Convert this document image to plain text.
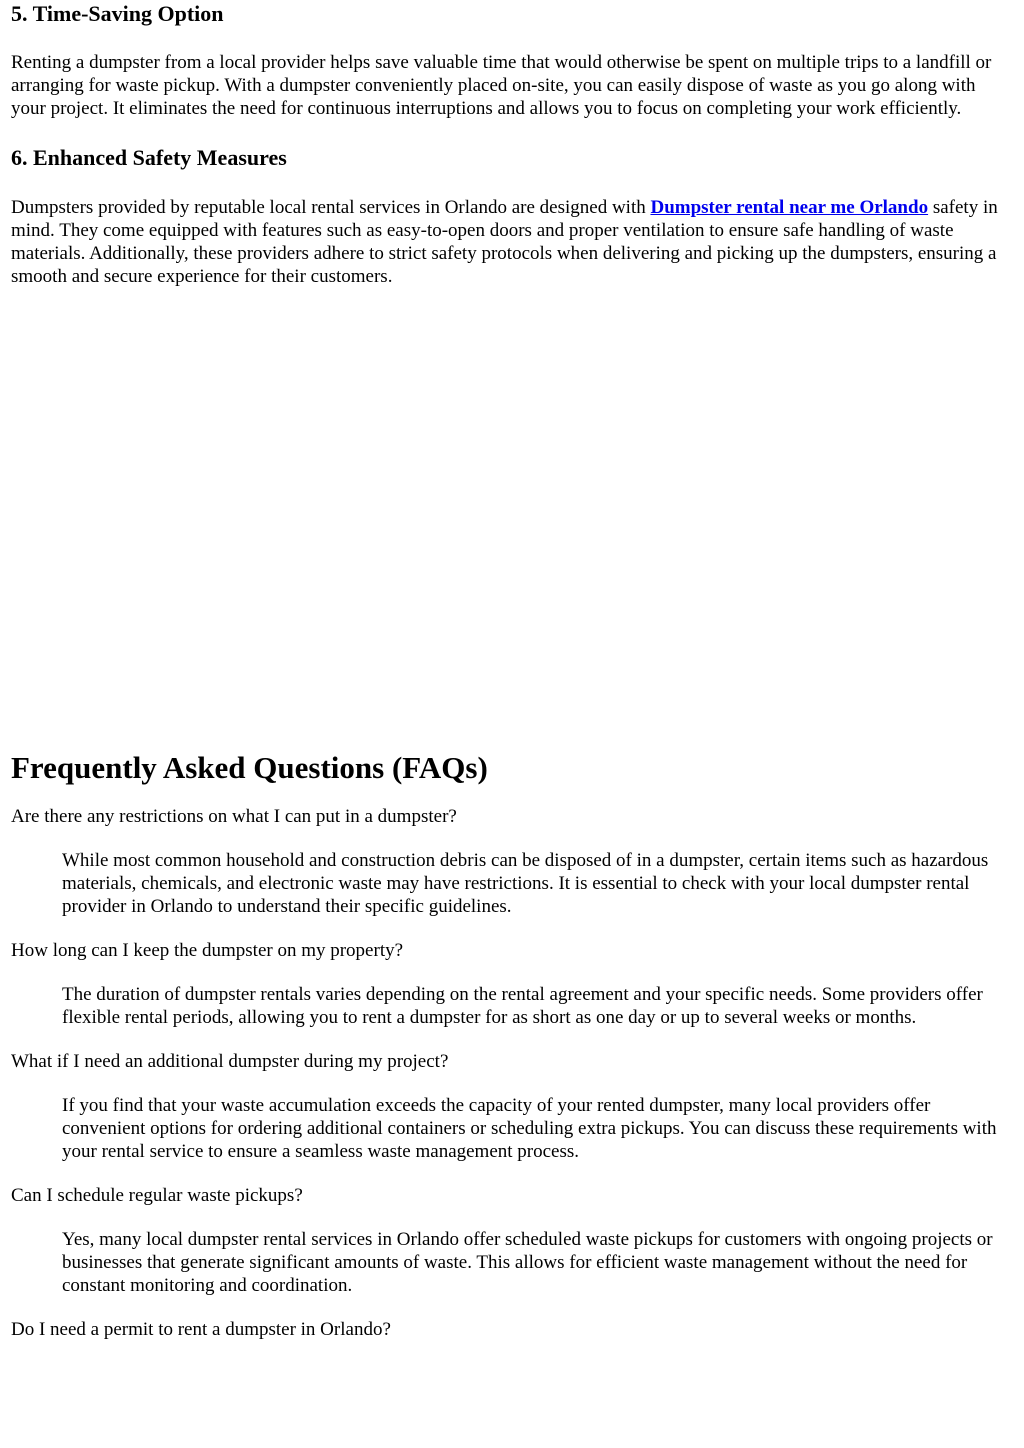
5. Time-Saving Option

Renting a dumpster from a local provider helps save valuable time that would otherwise be spent on multiple trips to a landfill or arranging for waste pickup. With a dumpster conveniently placed on-site, you can easily dispose of waste as you go along with your project. It eliminates the need for continuous interruptions and allows you to focus on completing your work efficiently.

6. Enhanced Safety Measures

Dumpsters provided by reputable local rental services in Orlando are designed with Dumpster rental near me Orlando safety in mind. They come equipped with features such as easy-to-open doors and proper ventilation to ensure safe handling of waste materials. Additionally, these providers adhere to strict safety protocols when delivering and picking up the dumpsters, ensuring a smooth and secure experience for their customers.

Frequently Asked Questions (FAQs)

Are there any restrictions on what I can put in a dumpster?

While most common household and construction debris can be disposed of in a dumpster, certain items such as hazardous materials, chemicals, and electronic waste may have restrictions. It is essential to check with your local dumpster rental provider in Orlando to understand their specific guidelines.

How long can I keep the dumpster on my property?

The duration of dumpster rentals varies depending on the rental agreement and your specific needs. Some providers offer flexible rental periods, allowing you to rent a dumpster for as short as one day or up to several weeks or months.

What if I need an additional dumpster during my project?

If you find that your waste accumulation exceeds the capacity of your rented dumpster, many local providers offer convenient options for ordering additional containers or scheduling extra pickups. You can discuss these requirements with your rental service to ensure a seamless waste management process.

Can I schedule regular waste pickups?

Yes, many local dumpster rental services in Orlando offer scheduled waste pickups for customers with ongoing projects or businesses that generate significant amounts of waste. This allows for efficient waste management without the need for constant monitoring and coordination.

Do I need a permit to rent a dumpster in Orlando?
